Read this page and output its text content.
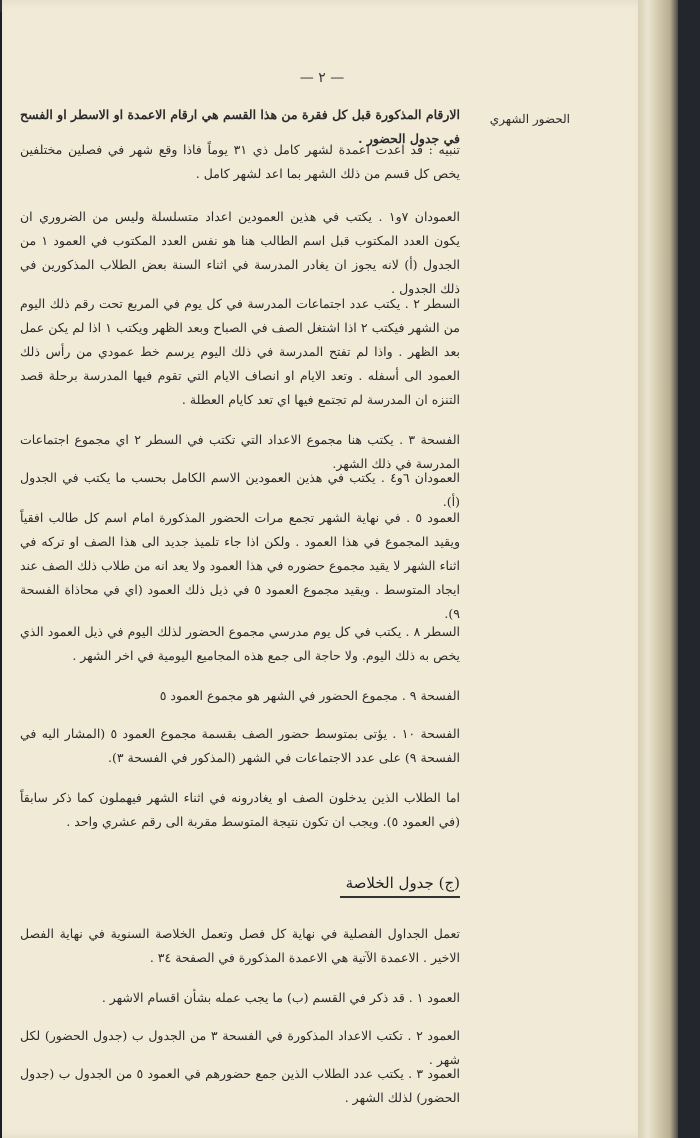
— ٢ —
الحضور الشهري
الارقام المذكورة قبل كل فقرة من هذا القسم هي ارقام الاعمدة او الاسطر او الفسح في جدول الحضور .
تنبيه : قد اعدت اعمدة لشهر كامل ذي ٣١ يوماً فاذا وقع شهر في فصلين مختلفين يخص كل قسم من ذلك الشهر بما اعد لشهر كامل .
العمودان ٧و١ . يكتب في هذين العمودين اعداد متسلسلة وليس من الضروري ان يكون العدد المكتوب قبل اسم الطالب هنا هو نفس العدد المكتوب في العمود ١ من الجدول (أ) لانه يجوز ان يغادر المدرسة في اثناء السنة بعض الطلاب المذكورين في ذلك الجدول .
السطر ٢ . يكتب عدد اجتماعات المدرسة في كل يوم في المربع تحت رقم ذلك اليوم من الشهر فيكتب ٢ اذا اشتغل الصف في الصباح وبعد الظهر ويكتب ١ اذا لم يكن عمل بعد الظهر . واذا لم تفتح المدرسة في ذلك اليوم يرسم خط عمودي من رأس ذلك العمود الى أسفله . وتعد الايام او انصاف الايام التي تقوم فيها المدرسة برحلة قصد التنزه ان المدرسة لم تجتمع فيها اي تعد كايام العطلة .
الفسحة ٣ . يكتب هنا مجموع الاعداد التي تكتب في السطر ٢ اي مجموع اجتماعات المدرسة في ذلك الشهر.
العمودان ٦و٤ . يكتب في هذين العمودين الاسم الكامل بحسب ما يكتب في الجدول (أ).
العمود ٥ . في نهاية الشهر تجمع مرات الحضور المذكورة امام اسم كل طالب افقياً ويقيد المجموع في هذا العمود . ولكن اذا جاء تلميذ جديد الى هذا الصف او تركه في اثناء الشهر لا يقيد مجموع حضوره في هذا العمود ولا يعد انه من طلاب ذلك الصف عند ايجاد المتوسط . ويقيد مجموع العمود ٥ في ذيل ذلك العمود (اي في محاذاة الفسحة ٩).
السطر ٨ . يكتب في كل يوم مدرسي مجموع الحضور لذلك اليوم في ذيل العمود الذي يخص به ذلك اليوم. ولا حاجة الى جمع هذه المجاميع اليومية في اخر الشهر .
الفسحة ٩ . مجموع الحضور في الشهر هو مجموع العمود ٥
الفسحة ١٠ . يؤتى بمتوسط حضور الصف بقسمة مجموع العمود ٥ (المشار اليه في الفسحة ٩) على عدد الاجتماعات في الشهر (المذكور في الفسحة ٣).
اما الطلاب الذين يدخلون الصف او يغادرونه في اثناء الشهر فيهملون كما ذكر سابقاً (في العمود ٥). ويجب ان تكون نتيجة المتوسط مقربة الى رقم عشري واحد .
تعمل الجداول الفصلية في نهاية كل فصل وتعمل الخلاصة السنوية في نهاية الفصل الاخير . الاعمدة الآتية هي الاعمدة المذكورة في الصفحة ٣٤ .
العمود ١ . قد ذكر في القسم (ب) ما يجب عمله بشأن اقسام الاشهر .
العمود ٢ . تكتب الاعداد المذكورة في الفسحة ٣ من الجدول ب (جدول الحضور) لكل شهر .
العمود ٣ . يكتب عدد الطلاب الذين جمع حضورهم في العمود ٥ من الجدول ب (جدول الحضور) لذلك الشهر .
(ج) جدول الخلاصة
